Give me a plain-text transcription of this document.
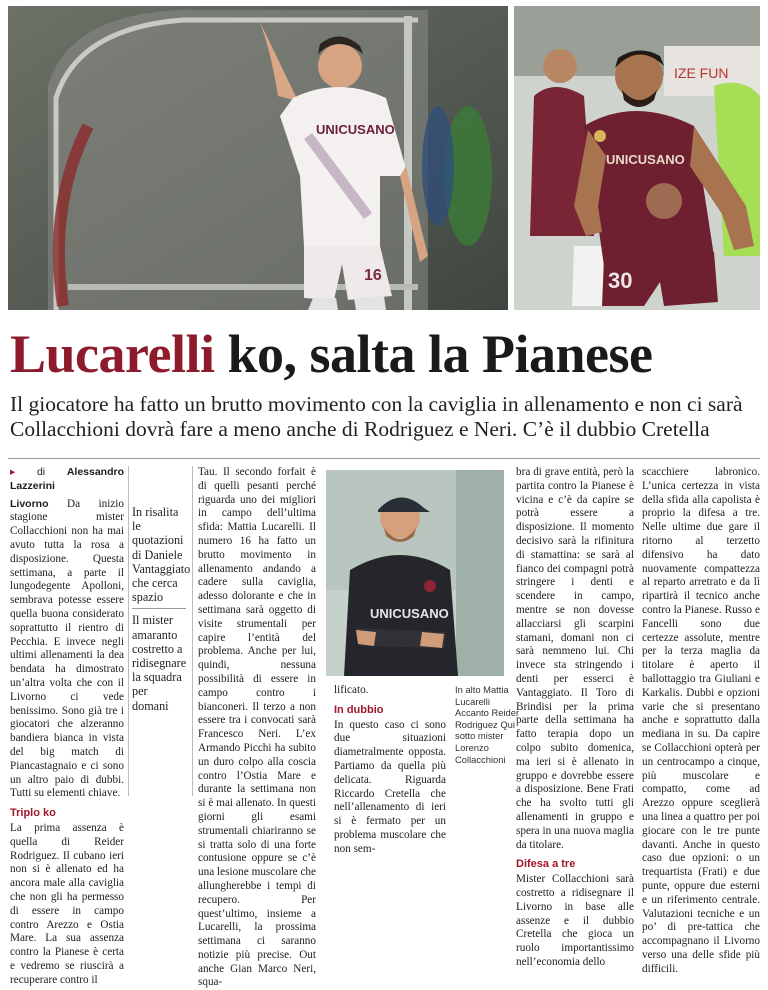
UNICUSANO
16
IZE FUN
UNICUSANO
30
Lucarelli ko, salta la Pianese
Il giocatore ha fatto un brutto movimento con la caviglia in allenamento e non ci sarà
Collacchioni dovrà fare a meno anche di Rodriguez e Neri. C’è il dubbio Cretella
▸ di Alessandro Lazzerini

Livorno Da inizio stagione mister Collacchioni non ha mai avuto tutta la rosa a disposizione. Questa settimana, a parte il lungodegente Apolloni, sembrava potesse essere quella buona considerato soprattutto il rientro di Pecchia. E invece negli ultimi allenamenti la dea bendata ha dimostrato un’altra volta che con il Livorno ci vede benissimo. Sono già tre i giocatori che alzeranno bandiera bianca in vista del big match di Piancastagnaio e ci sono un altro paio di dubbi. Tutti su elementi chiave.

Triplo ko

La prima assenza è quella di Reider Rodriguez. Il cubano ieri non si è allenato ed ha ancora male alla caviglia che non gli ha permesso di essere in campo contro Arezzo e Ostia Mare. La sua assenza contro la Pianese è certa e vedremo se riuscirà a recuperare contro il

In risalita le quotazioni di Daniele Vantaggiato che cerca spazio
Il mister amaranto costretto a ridisegnare la squadra per domani

Tau. Il secondo forfait è di quelli pesanti perché riguarda uno dei migliori in campo dell’ultima sfida: Mattia Lucarelli. Il numero 16 ha fatto un brutto movimento in allenamento andando a cadere sulla caviglia, adesso dolorante e che in settimana sarà oggetto di visite strumentali per capire l’entità del problema. Anche per lui, quindi, nessuna possibilità di essere in campo contro i bianconeri. Il terzo a non essere tra i convocati sarà Francesco Neri. L’ex Armando Picchi ha subito un duro colpo alla coscia contro l’Ostia Mare e durante la settimana non si è mai allenato. In questi giorni gli esami strumentali chiariranno se si tratta solo di una forte contusione oppure se c’è una lesione muscolare che allungherebbe i tempi di recupero. Per quest’ultimo, insieme a Lucarelli, la prossima settimana ci saranno notizie più precise. Out anche Gian Marco Neri, squa-

UNICUSANO

lificato.

In dubbio

In questo caso ci sono due situazioni diametralmente opposta. Partiamo da quella più delicata. Riguarda Riccardo Cretella che nell’allenamento di ieri si è fermato per un problema muscolare che non sem-

In alto Mattia Lucarelli Accanto Reider Rodriguez Qui sotto mister Lorenzo Collacchioni

bra di grave entità, però la partita contro la Pianese è vicina e c’è da capire se potrà essere a disposizione. Il momento decisivo sarà la rifinitura di stamattina: se sarà al fianco dei compagni potrà stringere i denti e scendere in campo, mentre se non dovesse allacciarsi gli scarpini stamani, domani non ci sarà nemmeno lui. Chi invece sta stringendo i denti per esserci è Vantaggiato. Il Toro di Brindisi per la prima parte della settimana ha fatto terapia dopo un colpo subito domenica, ma ieri si è allenato in gruppo e dovrebbe essere a disposizione. Bene Frati che ha svolto tutti gli allenamenti in gruppo e spera in una nuova maglia da titolare.

Difesa a tre

Mister Collacchioni sarà costretto a ridisegnare il Livorno in base alle assenze e il dubbio Cretella che gioca un ruolo importantissimo nell’economia dello

scacchiere labronico. L’unica certezza in vista della sfida alla capolista è proprio la difesa a tre. Nelle ultime due gare il ritorno al terzetto difensivo ha dato nuovamente compattezza al reparto arretrato e da lì ripartirà il tecnico anche contro la Pianese. Russo e Fancelli sono due certezze assolute, mentre per la terza maglia da titolare è aperto il ballottaggio tra Giuliani e Karkalis. Dubbi e opzioni varie che si presentano anche e soprattutto dalla mediana in su. Da capire se Collacchioni opterà per un centrocampo a cinque, più muscolare e compatto, come ad Arezzo oppure sceglierà una linea a quattro per poi giocare con le tre punte davanti. Anche in questo caso due opzioni: o un trequartista (Frati) e due punte, oppure due esterni e un riferimento centrale. Valutazioni tecniche e un po’ di pre-tattica che accompagnano il Livorno verso una delle sfide più difficili.
